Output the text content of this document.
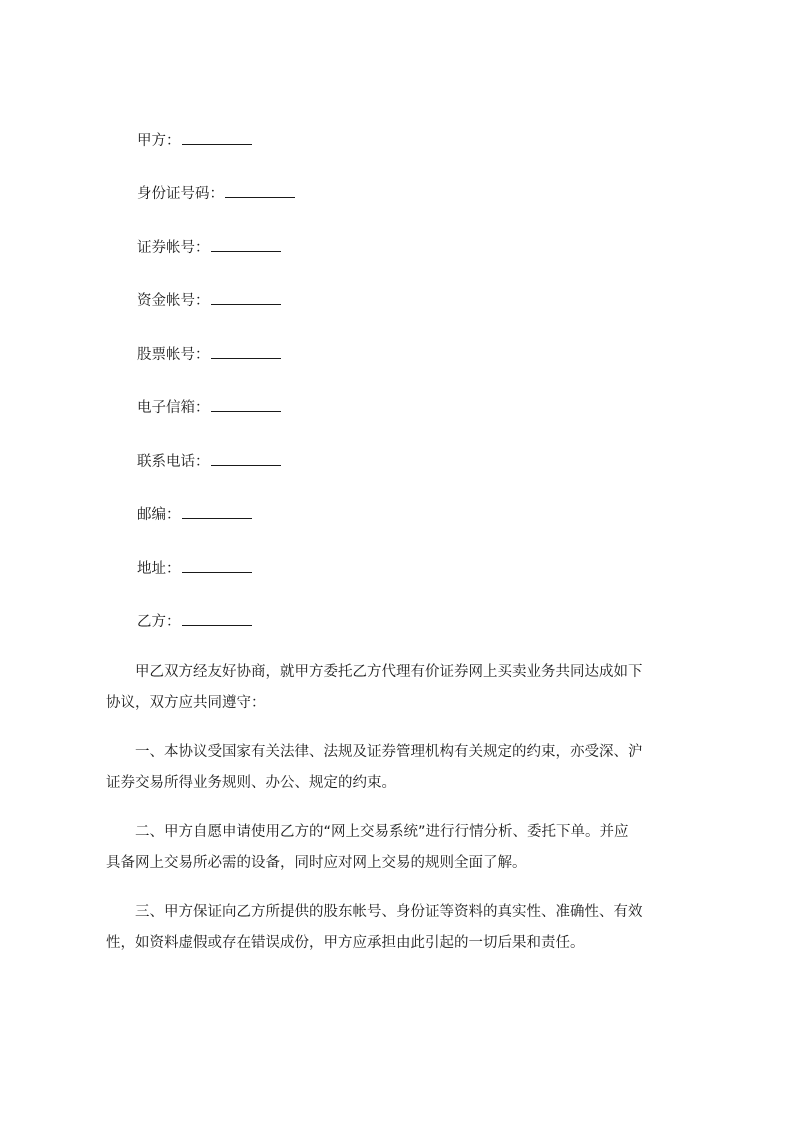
甲方：
身份证号码：
证券帐号：
资金帐号：
股票帐号：
电子信箱：
联系电话：
邮编：
地址：
乙方：
　　甲乙双方经友好协商，就甲方委托乙方代理有价证券网上买卖业务共同达成如下
协议，双方应共同遵守：
　　一、本协议受国家有关法律、法规及证券管理机构有关规定的约束，亦受深、沪
证券交易所得业务规则、办公、规定的约束。
　　二、甲方自愿申请使用乙方的“网上交易系统”进行行情分析、委托下单。并应
具备网上交易所必需的设备，同时应对网上交易的规则全面了解。
　　三、甲方保证向乙方所提供的股东帐号、身份证等资料的真实性、准确性、有效
性，如资料虚假或存在错误成份，甲方应承担由此引起的一切后果和责任。
